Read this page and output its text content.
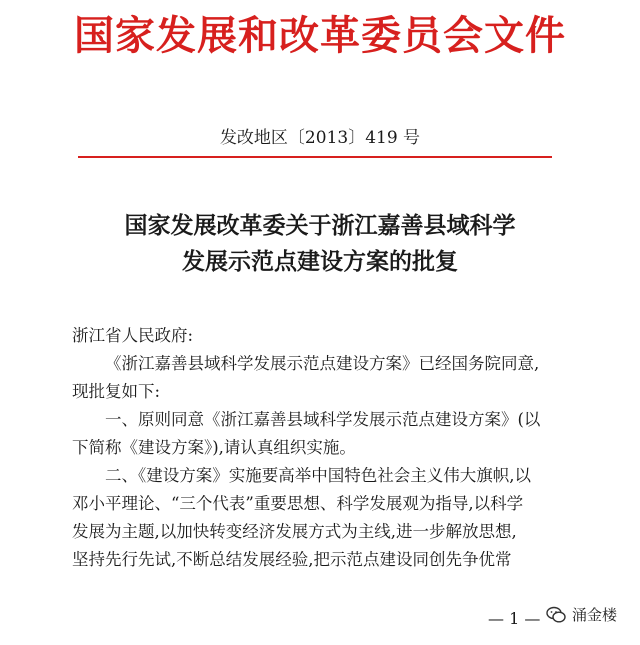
国家发展和改革委员会文件
发改地区〔2013〕419 号
国家发展改革委关于浙江嘉善县域科学
发展示范点建设方案的批复

浙江省人民政府:

《浙江嘉善县域科学发展示范点建设方案》已经国务院同意,

现批复如下:

一、原则同意《浙江嘉善县域科学发展示范点建设方案》(以

下简称《建设方案》),请认真组织实施。

二、《建设方案》实施要高举中国特色社会主义伟大旗帜,以

邓小平理论、“三个代表”重要思想、科学发展观为指导,以科学

发展为主题,以加快转变经济发展方式为主线,进一步解放思想,

坚持先行先试,不断总结发展经验,把示范点建设同创先争优常

— 1 — 涌金楼
